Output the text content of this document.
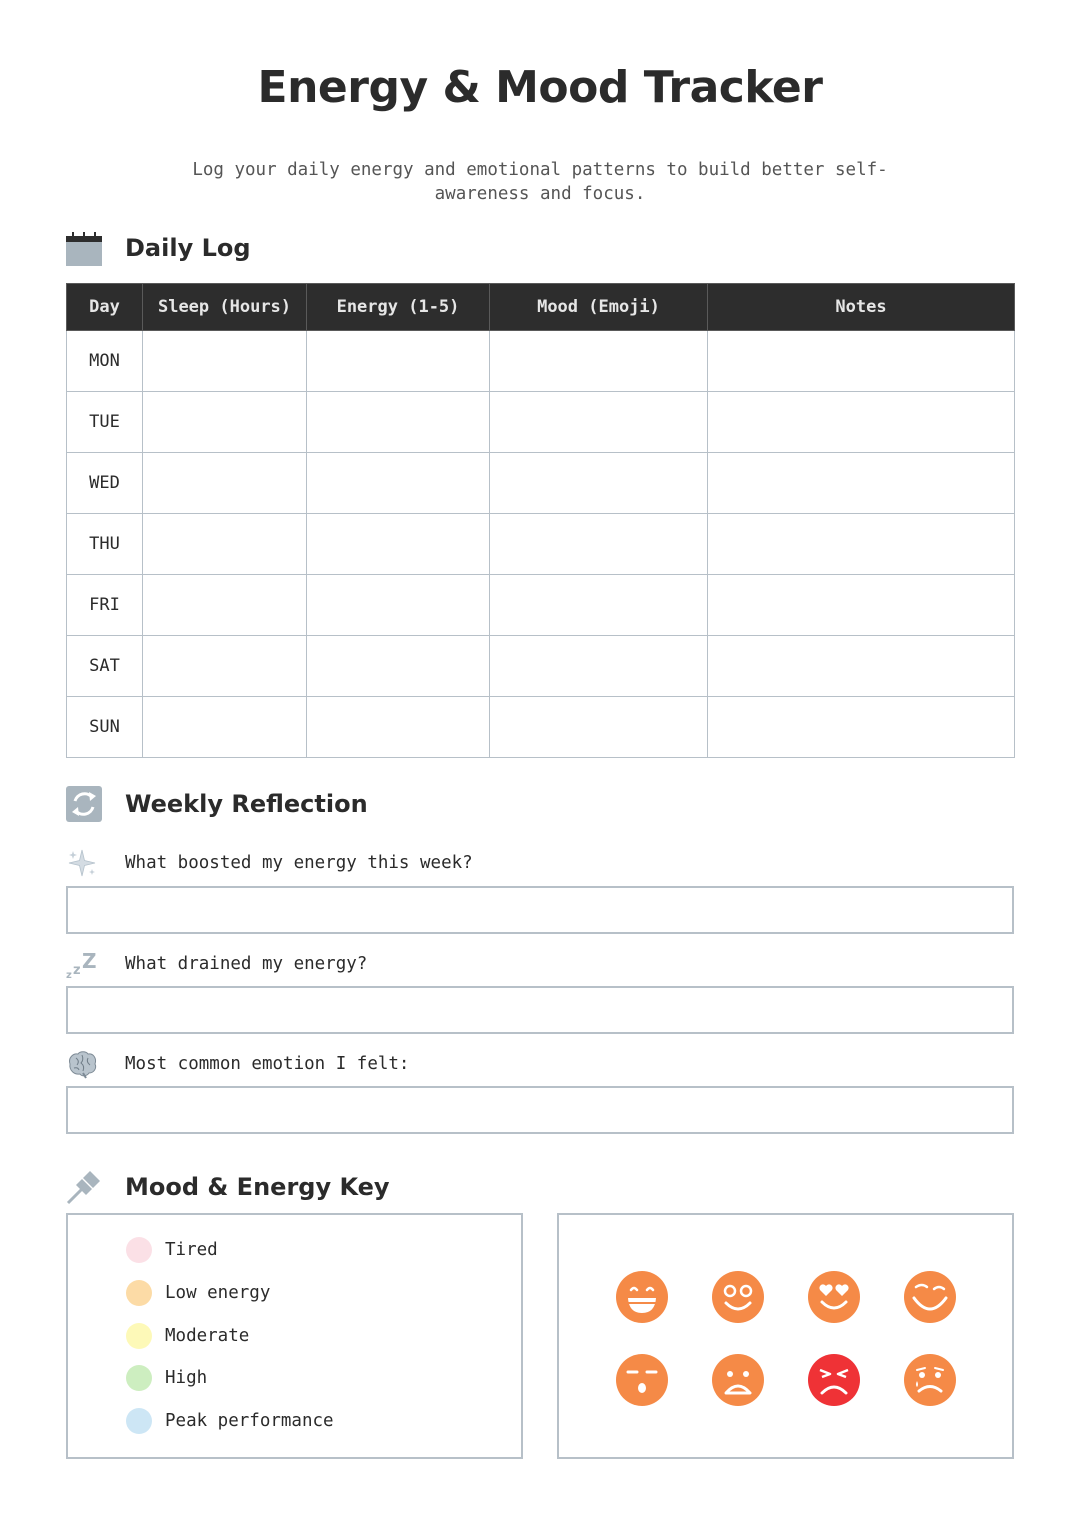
Energy & Mood Tracker

Log your daily energy and emotional patterns to build better self-awareness and focus.

Daily Log
Day	Sleep (Hours)	Energy (1-5)	Mood (Emoji)	Notes
MON				
TUE				
WED				
THU				
FRI				
SAT				
SUN				
Weekly Reflection
What boosted my energy this week?
z z Z What drained my energy?
Most common emotion I felt:
Mood & Energy Key
Tired
Low energy
Moderate
High
Peak performance
